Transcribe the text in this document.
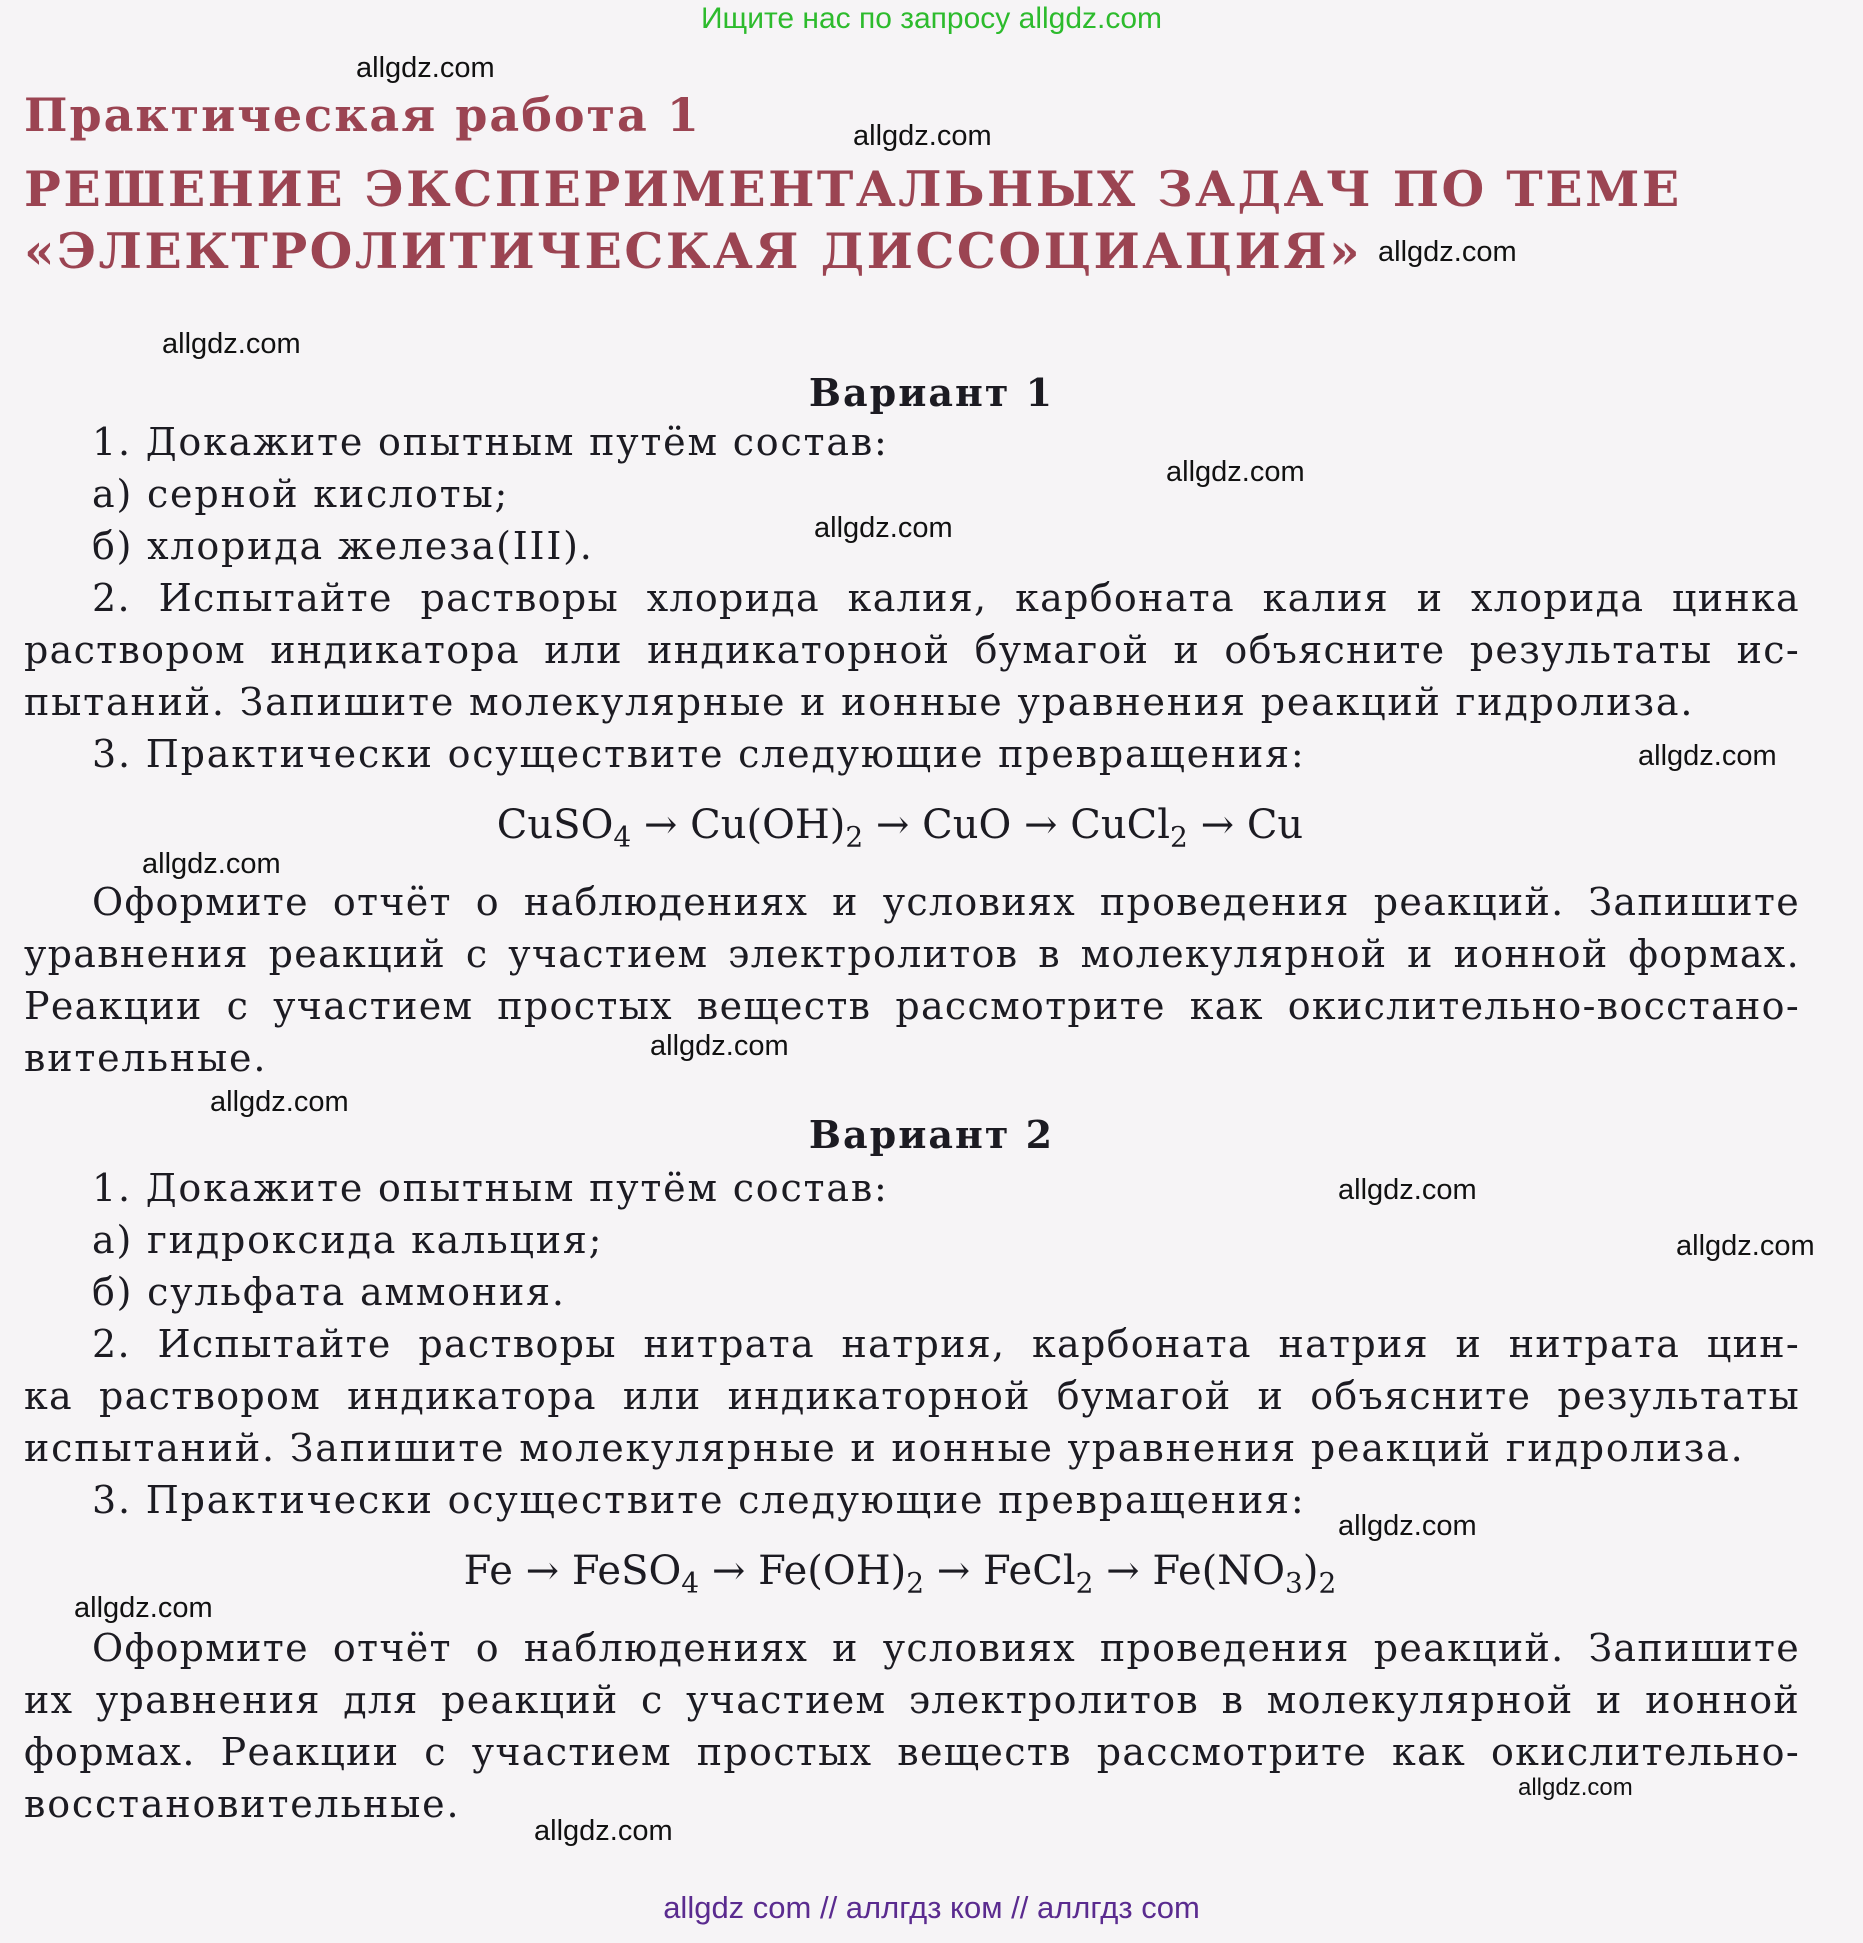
Ищите нас по запросу allgdz.com
Практическая работа 1
РЕШЕНИЕ ЭКСПЕРИМЕНТАЛЬНЫХ ЗАДАЧ ПО ТЕМЕ
«ЭЛЕКТРОЛИТИЧЕСКАЯ ДИССОЦИАЦИЯ»
Вариант 1
1. Докажите опытным путём состав:
а) серной кислоты;
б) хлорида железа(III).
2. Испытайте растворы хлорида калия, карбоната калия и хлорида цинка
раствором индикатора или индикаторной бумагой и объясните результаты ис-
пытаний. Запишите молекулярные и ионные уравнения реакций гидролиза.
3. Практически осуществите следующие превращения:
CuSO$_4$ → $Cu(OH)_2$ → CuO → CuCl$_2$ → Cu
Оформите отчёт о наблюдениях и условиях проведения реакций. Запишите
уравнения реакций с участием электролитов в молекулярной и ионной формах.
Реакции с участием простых веществ рассмотрите как окислительно-восстано-
вительные.
Вариант 2
1. Докажите опытным путём состав:
а) гидроксида кальция;
б) сульфата аммония.
2. Испытайте растворы нитрата натрия, карбоната натрия и нитрата цин-
ка раствором индикатора или индикаторной бумагой и объясните результаты
испытаний. Запишите молекулярные и ионные уравнения реакций гидролиза.
3. Практически осуществите следующие превращения:
Fe → FeSO$_4$ → $Fe(OH)_2$ → FeCl$_2$ → $Fe(NO_3)_2$
Оформите отчёт о наблюдениях и условиях проведения реакций. Запишите
их уравнения для реакций с участием электролитов в молекулярной и ионной
формах. Реакции с участием простых веществ рассмотрите как окислительно-
восстановительные.
allgdz.com
allgdz.com
allgdz.com
allgdz.com
allgdz.com
allgdz.com
allgdz.com
allgdz.com
allgdz.com
allgdz.com
allgdz.com
allgdz.com
allgdz.com
allgdz.com
allgdz.com
allgdz.com
allgdz com // аллгдз ком // аллгдз com
